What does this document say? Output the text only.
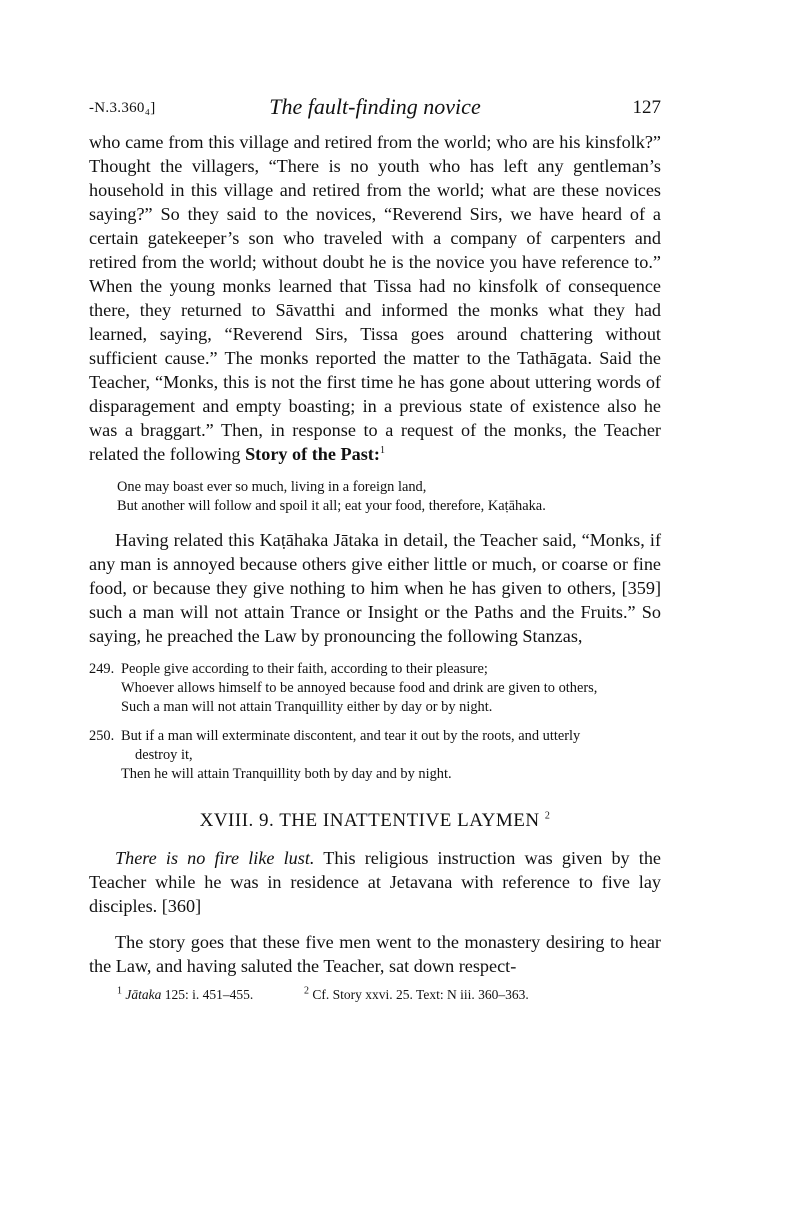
-N.3.360₄]	The fault-finding novice	127

who came from this village and retired from the world; who are his kinsfolk?” Thought the villagers, “There is no youth who has left any gentleman’s household in this village and retired from the world; what are these novices saying?” So they said to the novices, “Reverend Sirs, we have heard of a certain gatekeeper’s son who traveled with a company of carpenters and retired from the world; without doubt he is the novice you have reference to.” When the young monks learned that Tissa had no kinsfolk of consequence there, they returned to Sāvatthi and informed the monks what they had learned, saying, “Reverend Sirs, Tissa goes around chattering without sufficient cause.” The monks reported the matter to the Tathāgata. Said the Teacher, “Monks, this is not the first time he has gone about uttering words of disparagement and empty boasting; in a previous state of existence also he was a braggart.” Then, in response to a request of the monks, the Teacher related the following Story of the Past:$^1$

One may boast ever so much, living in a foreign land,
But another will follow and spoil it all; eat your food, therefore, Kaṭāhaka.

Having related this Kaṭāhaka Jātaka in detail, the Teacher said, “Monks, if any man is annoyed because others give either little or much, or coarse or fine food, or because they give nothing to him when he has given to others, [359] such a man will not attain Trance or Insight or the Paths and the Fruits.” So saying, he preached the Law by pronouncing the following Stanzas,

249. People give according to their faith, according to their pleasure;
Whoever allows himself to be annoyed because food and drink are given to others,
Such a man will not attain Tranquillity either by day or by night.
250. But if a man will exterminate discontent, and tear it out by the roots, and utterly
destroy it,
Then he will attain Tranquillity both by day and by night.
XVIII. 9. THE INATTENTIVE LAYMEN $^2$

There is no fire like lust. This religious instruction was given by the Teacher while he was in residence at Jetavana with reference to five lay disciples. [360]

The story goes that these five men went to the monastery desiring to hear the Law, and having saluted the Teacher, sat down respect-

$^1$ Jātaka 125: i. 451–455.	$^2$ Cf. Story xxvi. 25. Text: N iii. 360–363.
